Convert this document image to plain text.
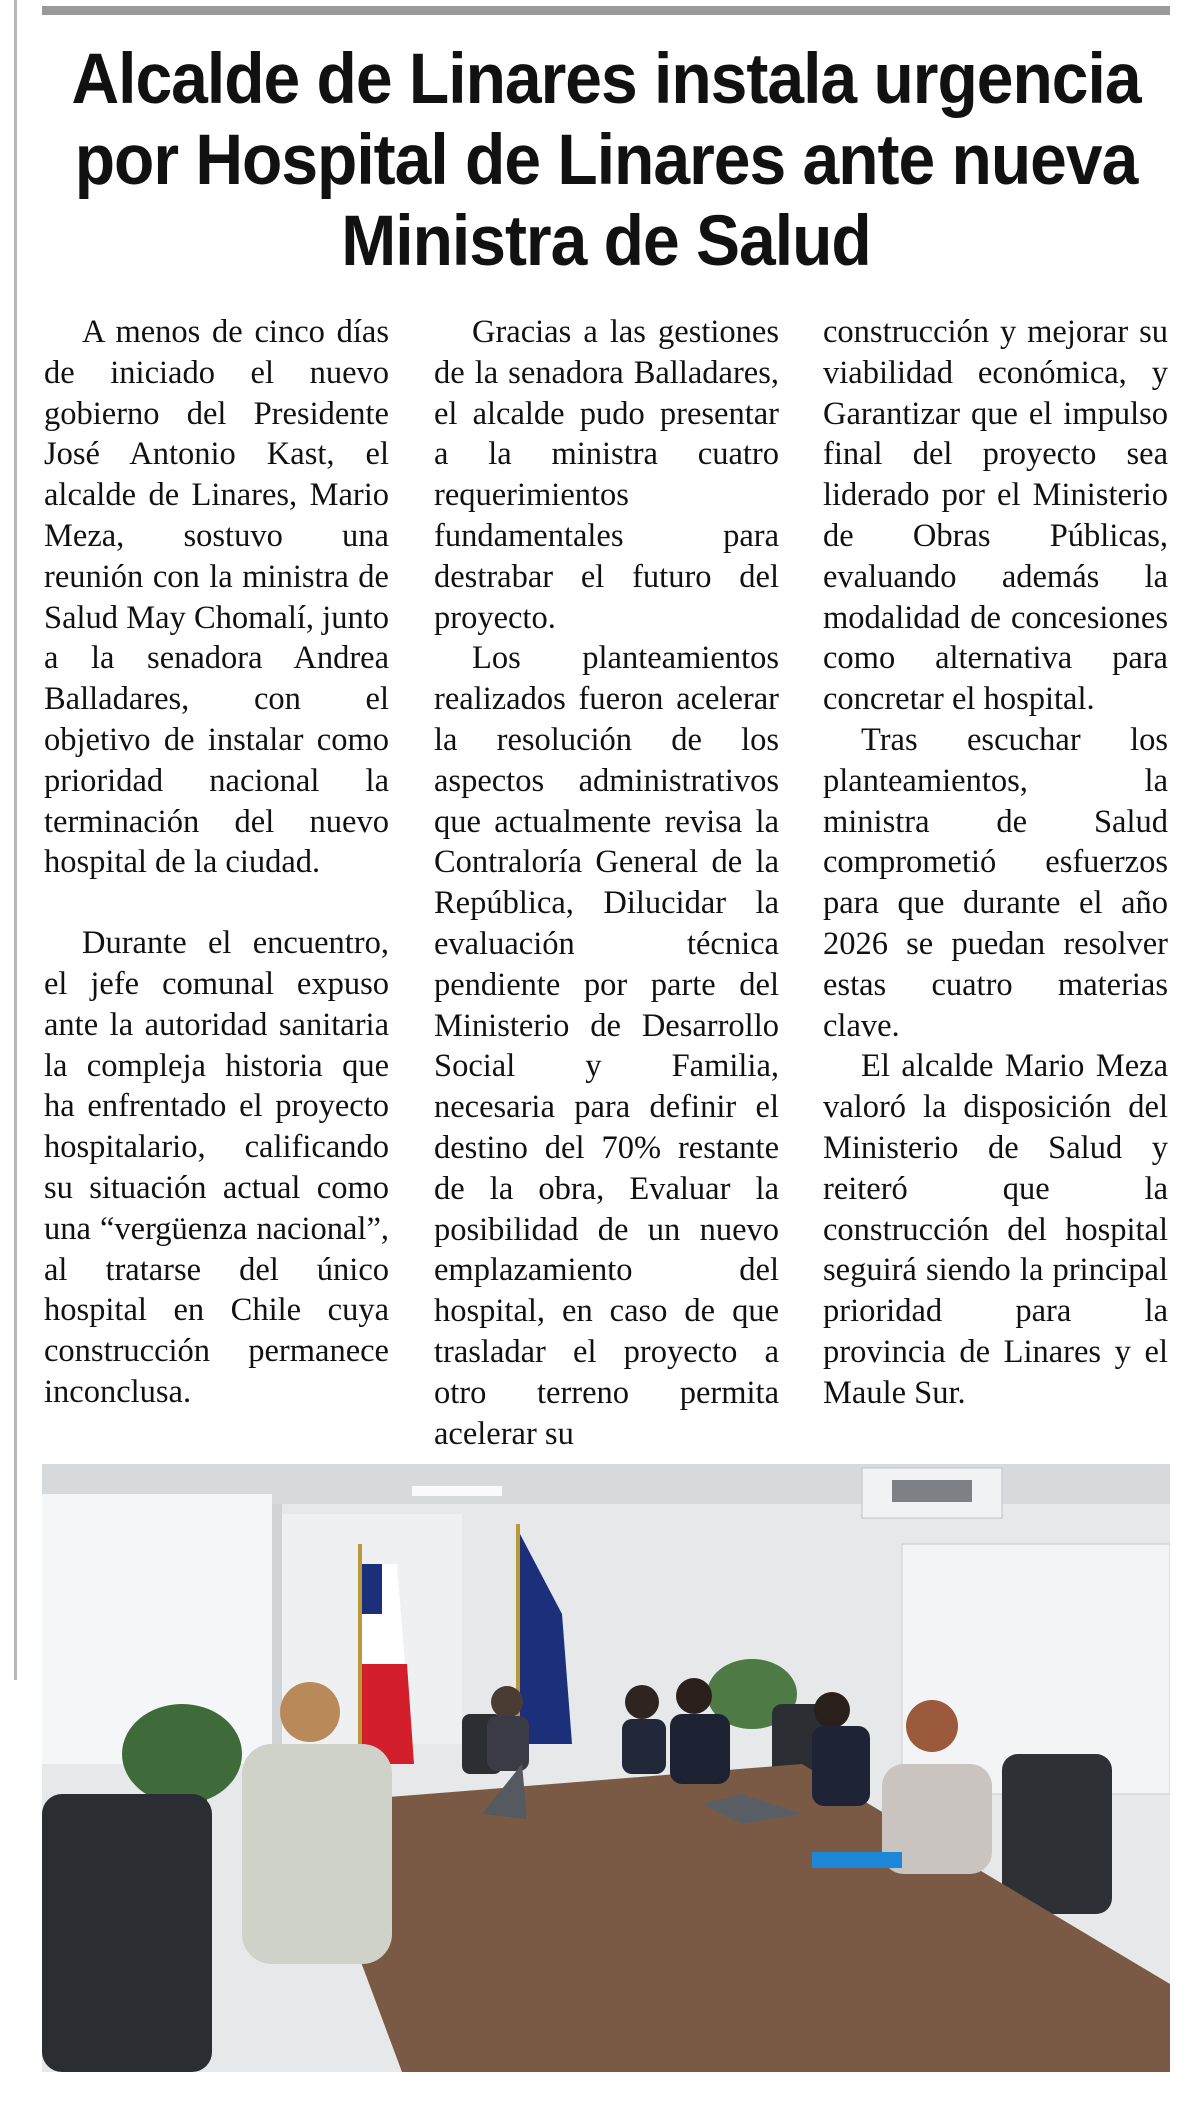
Alcalde de Linares instala urgencia
por Hospital de Linares ante nueva
Ministra de Salud

A menos de cinco días de iniciado el nuevo gobierno del Presidente José Antonio Kast, el alcalde de Linares, Mario Meza, sostuvo una reunión con la ministra de Salud May Chomalí, junto a la senadora Andrea Balladares, con el objetivo de instalar como prioridad nacional la terminación del nuevo hospital de la ciudad.

Durante el encuentro, el jefe comunal expuso ante la autoridad sanitaria la compleja historia que ha enfrentado el proyecto hospitalario, calificando su situación actual como una “vergüenza nacional”, al tratarse del único hospital en Chile cuya construcción permanece inconclusa.

Gracias a las gestiones de la senadora Balladares, el alcalde pudo presentar a la ministra cuatro requerimientos fundamentales para destrabar el futuro del proyecto.

Los planteamientos realizados fueron acelerar la resolución de los aspectos administrativos que actualmente revisa la Contraloría General de la República, Dilucidar la evaluación técnica pendiente por parte del Ministerio de Desarrollo Social y Familia, necesaria para definir el destino del 70% restante de la obra, Evaluar la posibilidad de un nuevo emplazamiento del hospital, en caso de que trasladar el proyecto a otro terreno permita acelerar su

construcción y mejorar su viabilidad económica, y Garantizar que el impulso final del proyecto sea liderado por el Ministerio de Obras Públicas, evaluando además la modalidad de concesiones como alternativa para concretar el hospital.

Tras escuchar los planteamientos, la ministra de Salud comprometió esfuerzos para que durante el año 2026 se puedan resolver estas cuatro materias clave.

El alcalde Mario Meza valoró la disposición del Ministerio de Salud y reiteró que la construcción del hospital seguirá siendo la principal prioridad para la provincia de Linares y el Maule Sur.
